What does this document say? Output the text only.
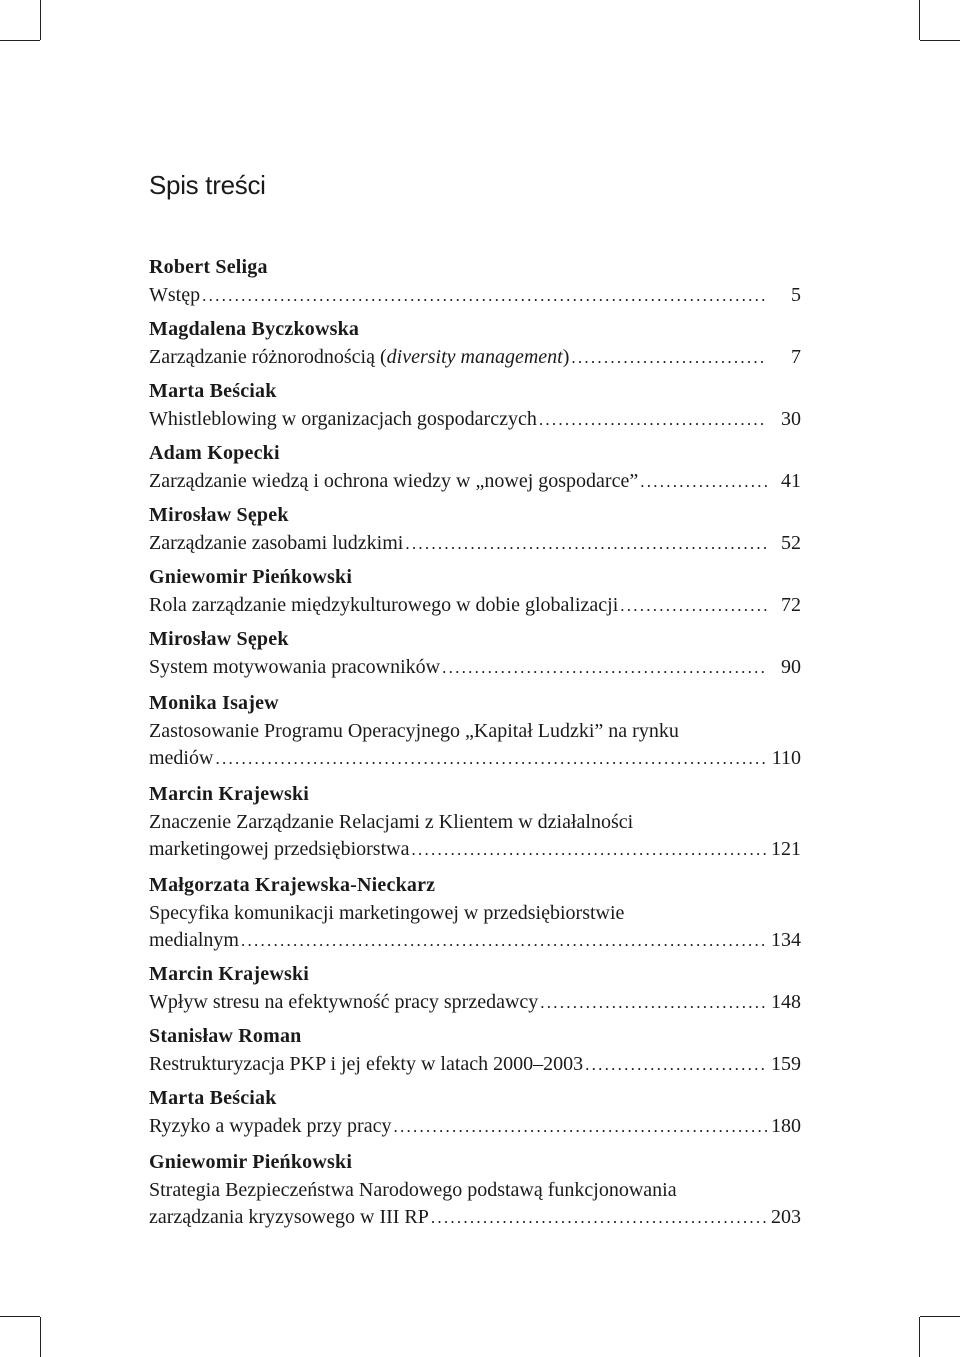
Spis treści
Robert Seliga
Wstęp . . .	5
Magdalena Byczkowska
Zarządzanie różnorodnością (diversity management) . . .	7
Marta Beściak
Whistleblowing w organizacjach gospodarczych . . .	30
Adam Kopecki
Zarządzanie wiedzą i ochrona wiedzy w „nowej gospodarce” . . .	41
Mirosław Sępek
Zarządzanie zasobami ludzkimi . . .	52
Gniewomir Pieńkowski
Rola zarządzanie międzykulturowego w dobie globalizacji . . .	72
Mirosław Sępek
System motywowania pracowników . . .	90
Monika Isajew
Zastosowanie Programu Operacyjnego „Kapitał Ludzki” na rynku
mediów . . .	110
Marcin Krajewski
Znaczenie Zarządzanie Relacjami z Klientem w działalności
marketingowej przedsiębiorstwa . . .	121
Małgorzata Krajewska-Nieckarz
Specyfika komunikacji marketingowej w przedsiębiorstwie
medialnym . . .	134
Marcin Krajewski
Wpływ stresu na efektywność pracy sprzedawcy . . .	148
Stanisław Roman
Restrukturyzacja PKP i jej efekty w latach 2000–2003 . . .	159
Marta Beściak
Ryzyko a wypadek przy pracy . . .	180
Gniewomir Pieńkowski
Strategia Bezpieczeństwa Narodowego podstawą funkcjonowania
zarządzania kryzysowego w III RP . . .	203
